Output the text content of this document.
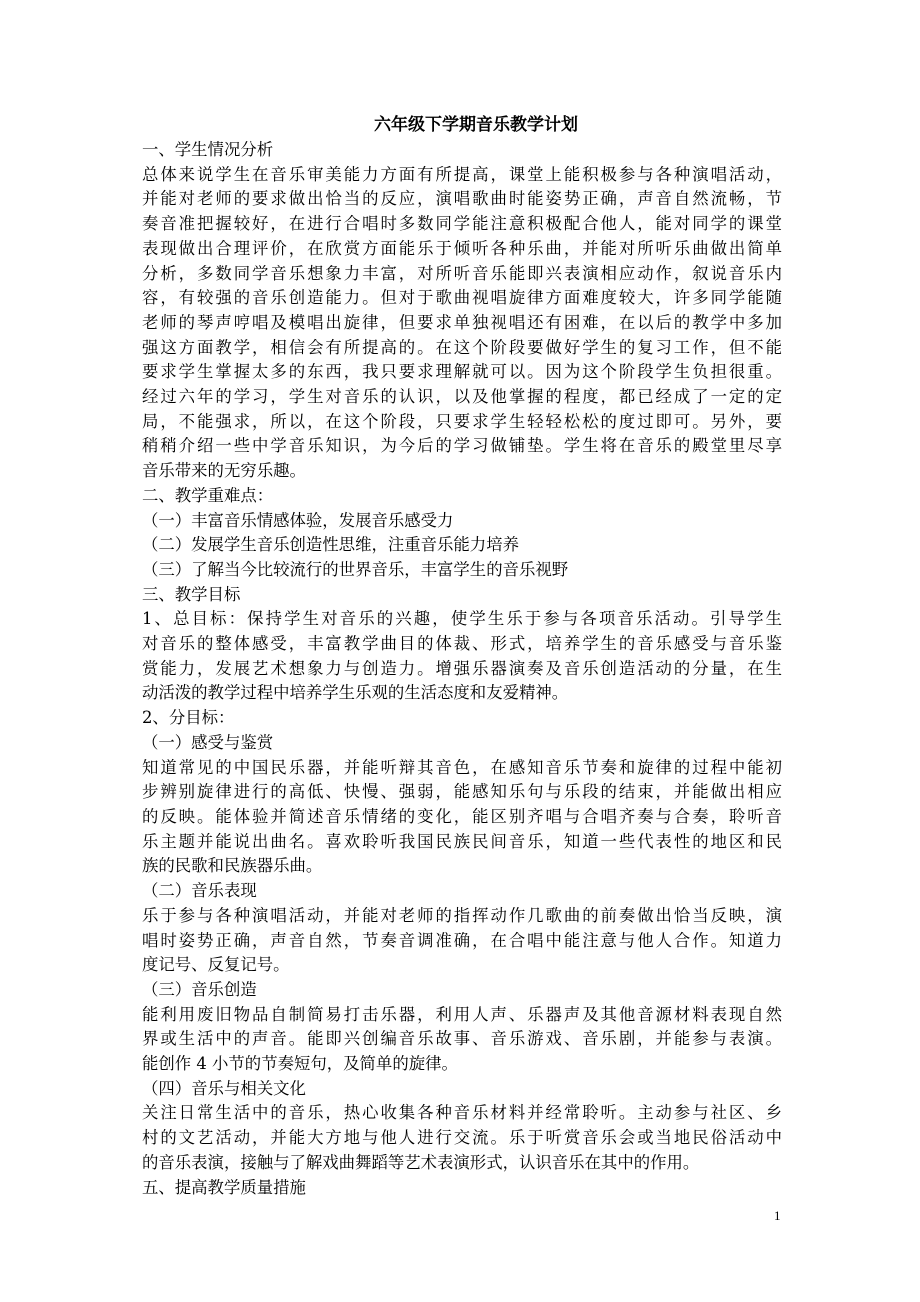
六年级下学期音乐教学计划
一、学生情况分析
总体来说学生在音乐审美能力方面有所提高，课堂上能积极参与各种演唱活动，
并能对老师的要求做出恰当的反应，演唱歌曲时能姿势正确，声音自然流畅，节
奏音准把握较好，在进行合唱时多数同学能注意积极配合他人，能对同学的课堂
表现做出合理评价，在欣赏方面能乐于倾听各种乐曲，并能对所听乐曲做出简单
分析，多数同学音乐想象力丰富，对所听音乐能即兴表演相应动作，叙说音乐内
容，有较强的音乐创造能力。但对于歌曲视唱旋律方面难度较大，许多同学能随
老师的琴声哼唱及模唱出旋律，但要求单独视唱还有困难，在以后的教学中多加
强这方面教学，相信会有所提高的。在这个阶段要做好学生的复习工作，但不能
要求学生掌握太多的东西，我只要求理解就可以。因为这个阶段学生负担很重。
经过六年的学习，学生对音乐的认识，以及他掌握的程度，都已经成了一定的定
局，不能强求，所以，在这个阶段，只要求学生轻轻松松的度过即可。另外，要
稍稍介绍一些中学音乐知识，为今后的学习做铺垫。学生将在音乐的殿堂里尽享
音乐带来的无穷乐趣。
二、教学重难点：
（一）丰富音乐情感体验，发展音乐感受力
（二）发展学生音乐创造性思维，注重音乐能力培养
（三）了解当今比较流行的世界音乐，丰富学生的音乐视野
三、教学目标
1、总目标：保持学生对音乐的兴趣，使学生乐于参与各项音乐活动。引导学生
对音乐的整体感受，丰富教学曲目的体裁、形式，培养学生的音乐感受与音乐鉴
赏能力，发展艺术想象力与创造力。增强乐器演奏及音乐创造活动的分量，在生
动活泼的教学过程中培养学生乐观的生活态度和友爱精神。
2、分目标：
（一）感受与鉴赏
知道常见的中国民乐器，并能听辩其音色，在感知音乐节奏和旋律的过程中能初
步辨别旋律进行的高低、快慢、强弱，能感知乐句与乐段的结束，并能做出相应
的反映。能体验并简述音乐情绪的变化，能区别齐唱与合唱齐奏与合奏，聆听音
乐主题并能说出曲名。喜欢聆听我国民族民间音乐，知道一些代表性的地区和民
族的民歌和民族器乐曲。
（二）音乐表现
乐于参与各种演唱活动，并能对老师的指挥动作几歌曲的前奏做出恰当反映，演
唱时姿势正确，声音自然，节奏音调准确，在合唱中能注意与他人合作。知道力
度记号、反复记号。
（三）音乐创造
能利用废旧物品自制简易打击乐器，利用人声、乐器声及其他音源材料表现自然
界或生活中的声音。能即兴创编音乐故事、音乐游戏、音乐剧，并能参与表演。
能创作 4 小节的节奏短句，及简单的旋律。
（四）音乐与相关文化
关注日常生活中的音乐，热心收集各种音乐材料并经常聆听。主动参与社区、乡
村的文艺活动，并能大方地与他人进行交流。乐于听赏音乐会或当地民俗活动中
的音乐表演，接触与了解戏曲舞蹈等艺术表演形式，认识音乐在其中的作用。
五、提高教学质量措施
1
